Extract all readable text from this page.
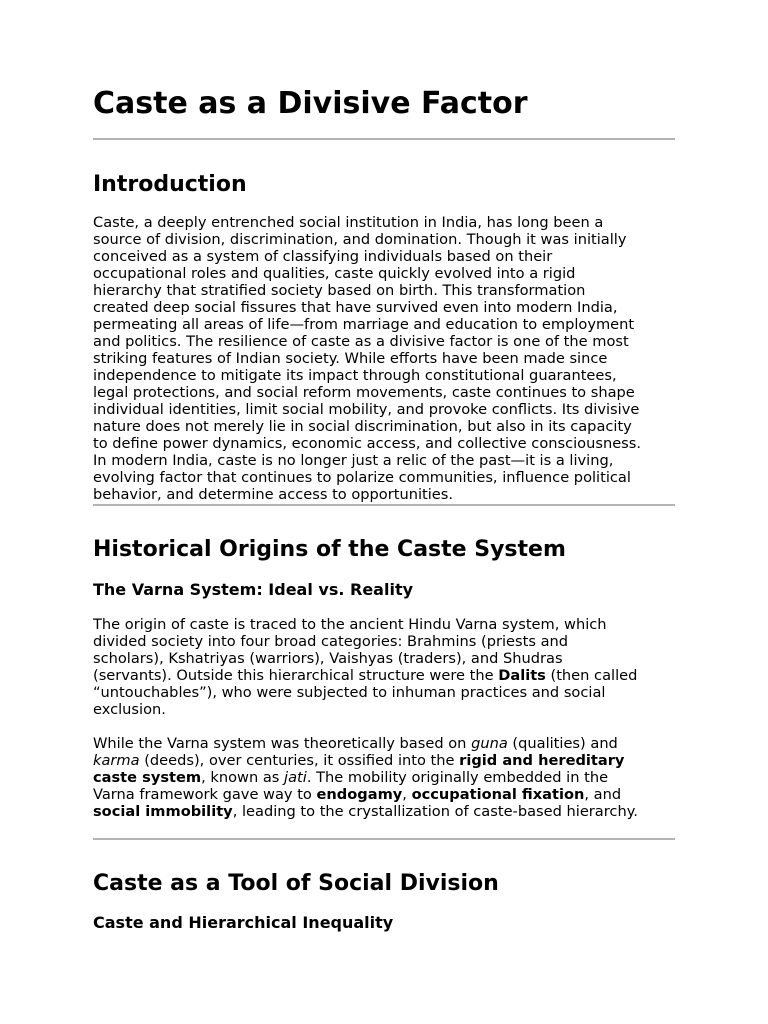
Caste as a Divisive Factor
Introduction

Caste, a deeply entrenched social institution in India, has long been a
source of division, discrimination, and domination. Though it was initially
conceived as a system of classifying individuals based on their
occupational roles and qualities, caste quickly evolved into a rigid
hierarchy that stratified society based on birth. This transformation
created deep social fissures that have survived even into modern India,
permeating all areas of life—from marriage and education to employment
and politics. The resilience of caste as a divisive factor is one of the most
striking features of Indian society. While efforts have been made since
independence to mitigate its impact through constitutional guarantees,
legal protections, and social reform movements, caste continues to shape
individual identities, limit social mobility, and provoke conflicts. Its divisive
nature does not merely lie in social discrimination, but also in its capacity
to define power dynamics, economic access, and collective consciousness.
In modern India, caste is no longer just a relic of the past—it is a living,
evolving factor that continues to polarize communities, influence political
behavior, and determine access to opportunities.

Historical Origins of the Caste System
The Varna System: Ideal vs. Reality

The origin of caste is traced to the ancient Hindu Varna system, which
divided society into four broad categories: Brahmins (priests and
scholars), Kshatriyas (warriors), Vaishyas (traders), and Shudras
(servants). Outside this hierarchical structure were the Dalits (then called
“untouchables”), who were subjected to inhuman practices and social
exclusion.

While the Varna system was theoretically based on guna (qualities) and
karma (deeds), over centuries, it ossified into the rigid and hereditary
caste system, known as jati. The mobility originally embedded in the
Varna framework gave way to endogamy, occupational fixation, and
social immobility, leading to the crystallization of caste-based hierarchy.

Caste as a Tool of Social Division
Caste and Hierarchical Inequality
